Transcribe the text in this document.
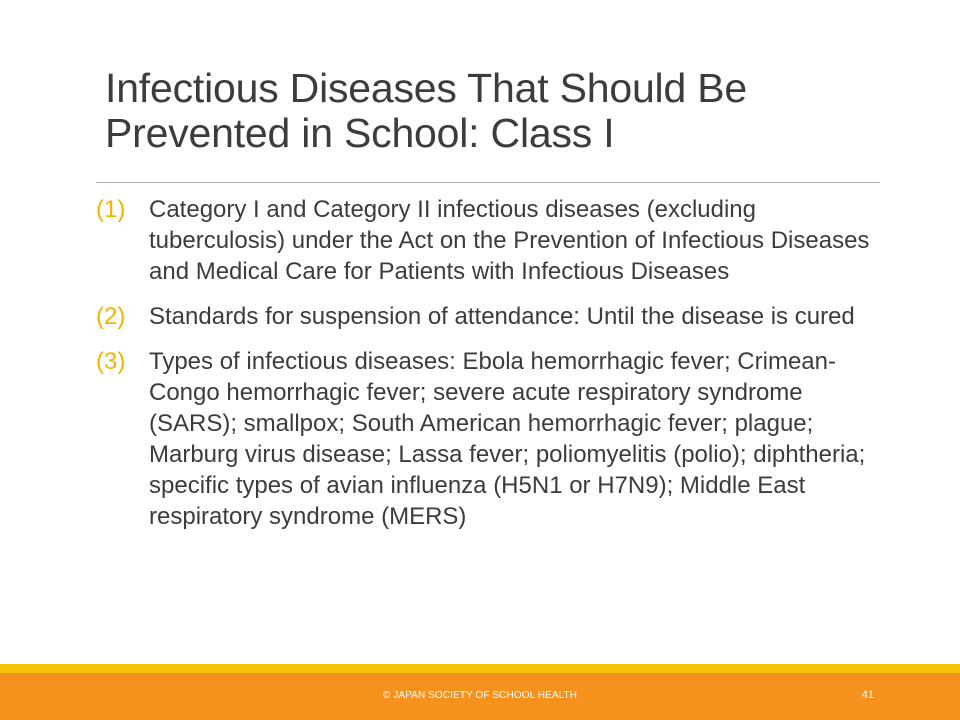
Infectious Diseases That Should Be Prevented in School: Class I
(1) Category I and Category II infectious diseases (excluding tuberculosis) under the Act on the Prevention of Infectious Diseases and Medical Care for Patients with Infectious Diseases
(2) Standards for suspension of attendance: Until the disease is cured
(3) Types of infectious diseases: Ebola hemorrhagic fever; Crimean-Congo hemorrhagic fever; severe acute respiratory syndrome (SARS); smallpox; South American hemorrhagic fever; plague; Marburg virus disease; Lassa fever; poliomyelitis (polio); diphtheria; specific types of avian influenza (H5N1 or H7N9); Middle East respiratory syndrome (MERS)
© JAPAN SOCIETY OF SCHOOL HEALTH	41
